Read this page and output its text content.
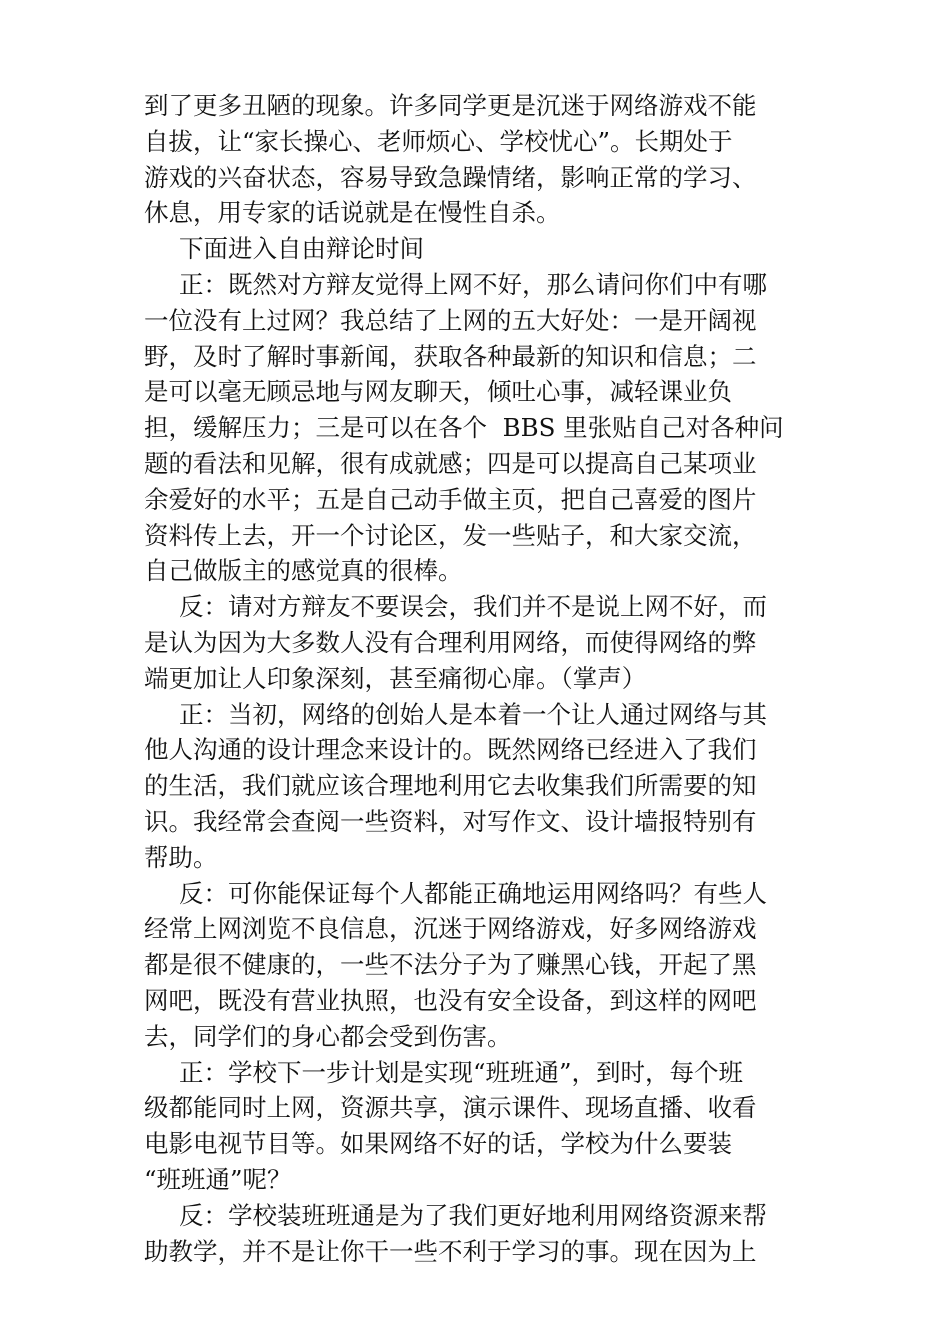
到了更多丑陋的现象。许多同学更是沉迷于网络游戏不能
自拔，让“家长操心、老师烦心、学校忧心”。长期处于
游戏的兴奋状态，容易导致急躁情绪，影响正常的学习、
休息，用专家的话说就是在慢性自杀。
下面进入自由辩论时间
正：既然对方辩友觉得上网不好，那么请问你们中有哪
一位没有上过网？我总结了上网的五大好处：一是开阔视
野，及时了解时事新闻，获取各种最新的知识和信息；二
是可以毫无顾忌地与网友聊天，倾吐心事，减轻课业负
担，缓解压力；三是可以在各个  BBS 里张贴自己对各种问
题的看法和见解，很有成就感；四是可以提高自己某项业
余爱好的水平；五是自己动手做主页，把自己喜爱的图片
资料传上去，开一个讨论区，发一些贴子，和大家交流，
自己做版主的感觉真的很棒。
反：请对方辩友不要误会，我们并不是说上网不好，而
是认为因为大多数人没有合理利用网络，而使得网络的弊
端更加让人印象深刻，甚至痛彻心扉。（掌声）
正：当初，网络的创始人是本着一个让人通过网络与其
他人沟通的设计理念来设计的。既然网络已经进入了我们
的生活，我们就应该合理地利用它去收集我们所需要的知
识。我经常会查阅一些资料，对写作文、设计墙报特别有
帮助。
反：可你能保证每个人都能正确地运用网络吗？有些人
经常上网浏览不良信息，沉迷于网络游戏，好多网络游戏
都是很不健康的，一些不法分子为了赚黑心钱，开起了黑
网吧，既没有营业执照，也没有安全设备，到这样的网吧
去，同学们的身心都会受到伤害。
正：学校下一步计划是实现“班班通”，到时，每个班
级都能同时上网，资源共享，演示课件、现场直播、收看
电影电视节目等。如果网络不好的话，学校为什么要装
“班班通”呢？
反：学校装班班通是为了我们更好地利用网络资源来帮
助教学，并不是让你干一些不利于学习的事。现在因为上
